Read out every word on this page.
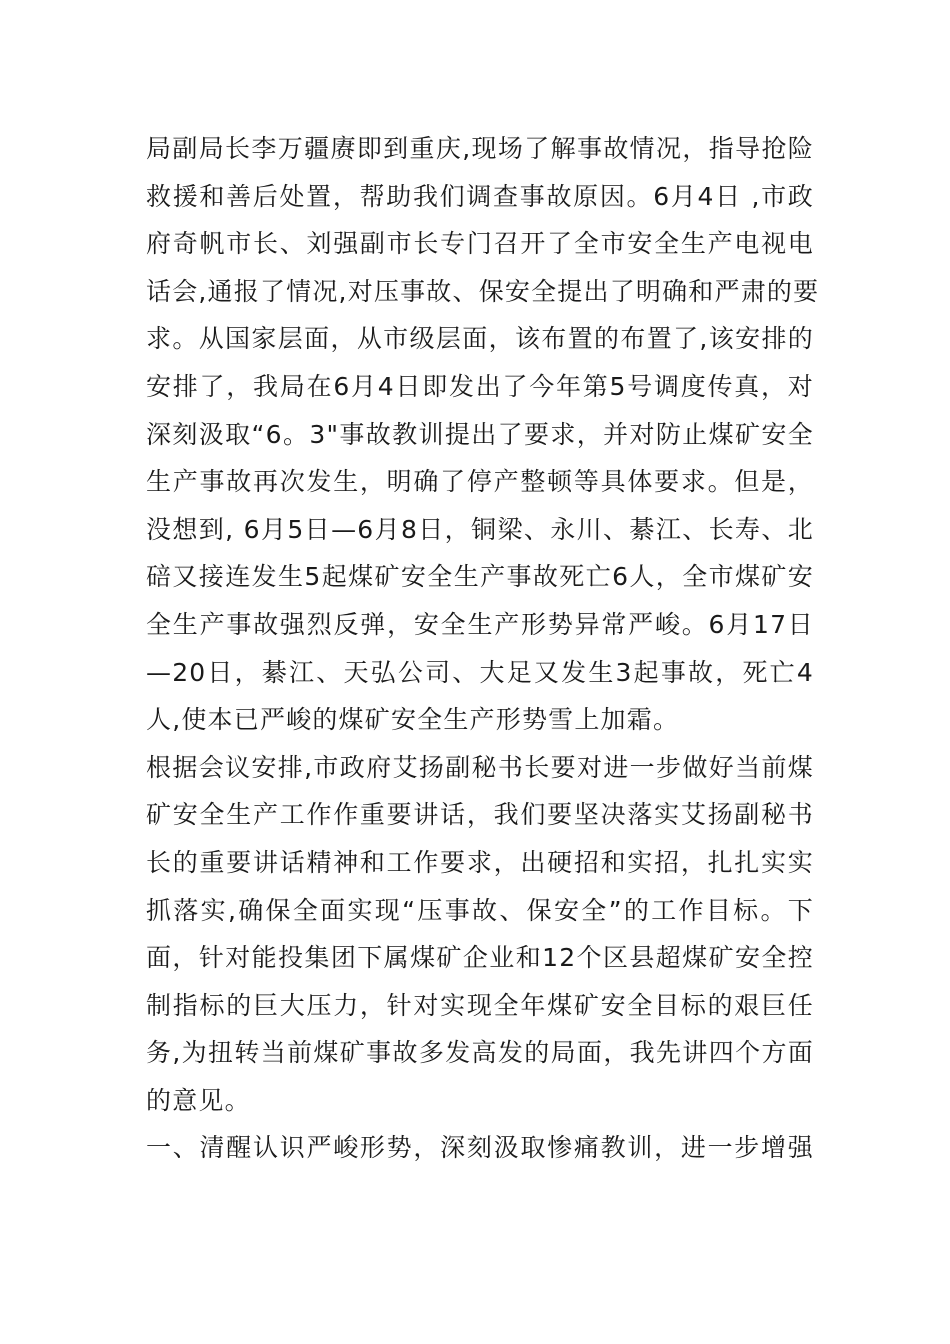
局副局长李万疆赓即到重庆,现场了解事故情况，指导抢险
救援和善后处置，帮助我们调查事故原因。6月4日 ,市政
府奇帆市长、刘强副市长专门召开了全市安全生产电视电
话会,通报了情况,对压事故、保安全提出了明确和严肃的要
求。从国家层面，从市级层面，该布置的布置了,该安排的
安排了，我局在6月4日即发出了今年第5号调度传真，对
深刻汲取“6。3"事故教训提出了要求，并对防止煤矿安全
生产事故再次发生，明确了停产整顿等具体要求。但是，
没想到, 6月5日—6月8日，铜梁、永川、綦江、长寿、北
碚又接连发生5起煤矿安全生产事故死亡6人，全市煤矿安
全生产事故强烈反弹，安全生产形势异常严峻。6月17日
—20日，綦江、天弘公司、大足又发生3起事故，死亡4
人,使本已严峻的煤矿安全生产形势雪上加霜。

根据会议安排,市政府艾扬副秘书长要对进一步做好当前煤
矿安全生产工作作重要讲话，我们要坚决落实艾扬副秘书
长的重要讲话精神和工作要求，出硬招和实招，扎扎实实
抓落实,确保全面实现“压事故、保安全”的工作目标。下
面，针对能投集团下属煤矿企业和12个区县超煤矿安全控
制指标的巨大压力，针对实现全年煤矿安全目标的艰巨任
务,为扭转当前煤矿事故多发高发的局面，我先讲四个方面
的意见。

一、清醒认识严峻形势，深刻汲取惨痛教训，进一步增强
